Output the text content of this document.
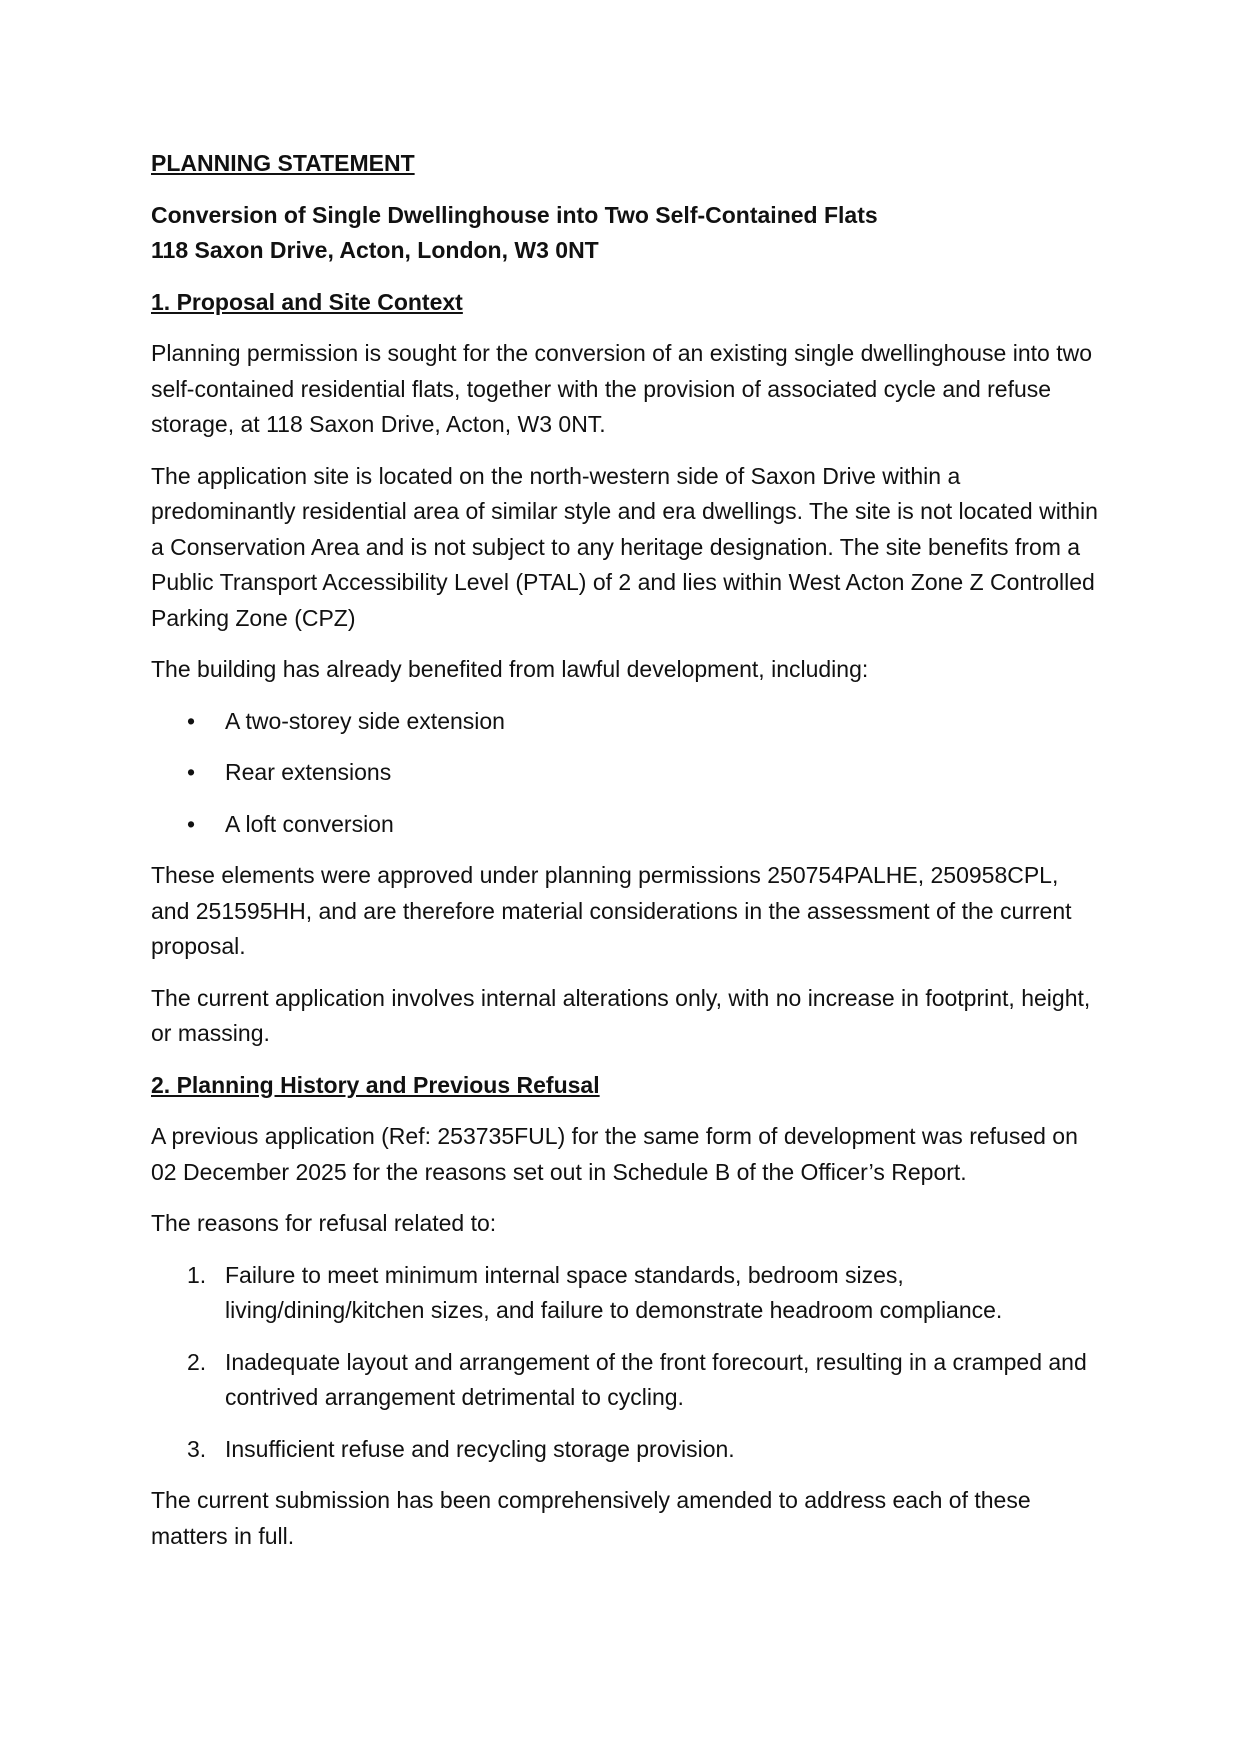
PLANNING STATEMENT
Conversion of Single Dwellinghouse into Two Self-Contained Flats
118 Saxon Drive, Acton, London, W3 0NT
1. Proposal and Site Context

Planning permission is sought for the conversion of an existing single dwellinghouse into two self-contained residential flats, together with the provision of associated cycle and refuse storage, at 118 Saxon Drive, Acton, W3 0NT.

The application site is located on the north-western side of Saxon Drive within a predominantly residential area of similar style and era dwellings. The site is not located within a Conservation Area and is not subject to any heritage designation. The site benefits from a Public Transport Accessibility Level (PTAL) of 2 and lies within West Acton Zone Z Controlled Parking Zone (CPZ)

The building has already benefited from lawful development, including:

• A two-storey side extension
• Rear extensions
• A loft conversion

These elements were approved under planning permissions 250754PALHE, 250958CPL, and 251595HH, and are therefore material considerations in the assessment of the current proposal.

The current application involves internal alterations only, with no increase in footprint, height, or massing.

2. Planning History and Previous Refusal

A previous application (Ref: 253735FUL) for the same form of development was refused on 02 December 2025 for the reasons set out in Schedule B of the Officer’s Report.

The reasons for refusal related to:

1. Failure to meet minimum internal space standards, bedroom sizes, living/dining/kitchen sizes, and failure to demonstrate headroom compliance.
2. Inadequate layout and arrangement of the front forecourt, resulting in a cramped and contrived arrangement detrimental to cycling.
3. Insufficient refuse and recycling storage provision.

The current submission has been comprehensively amended to address each of these matters in full.
